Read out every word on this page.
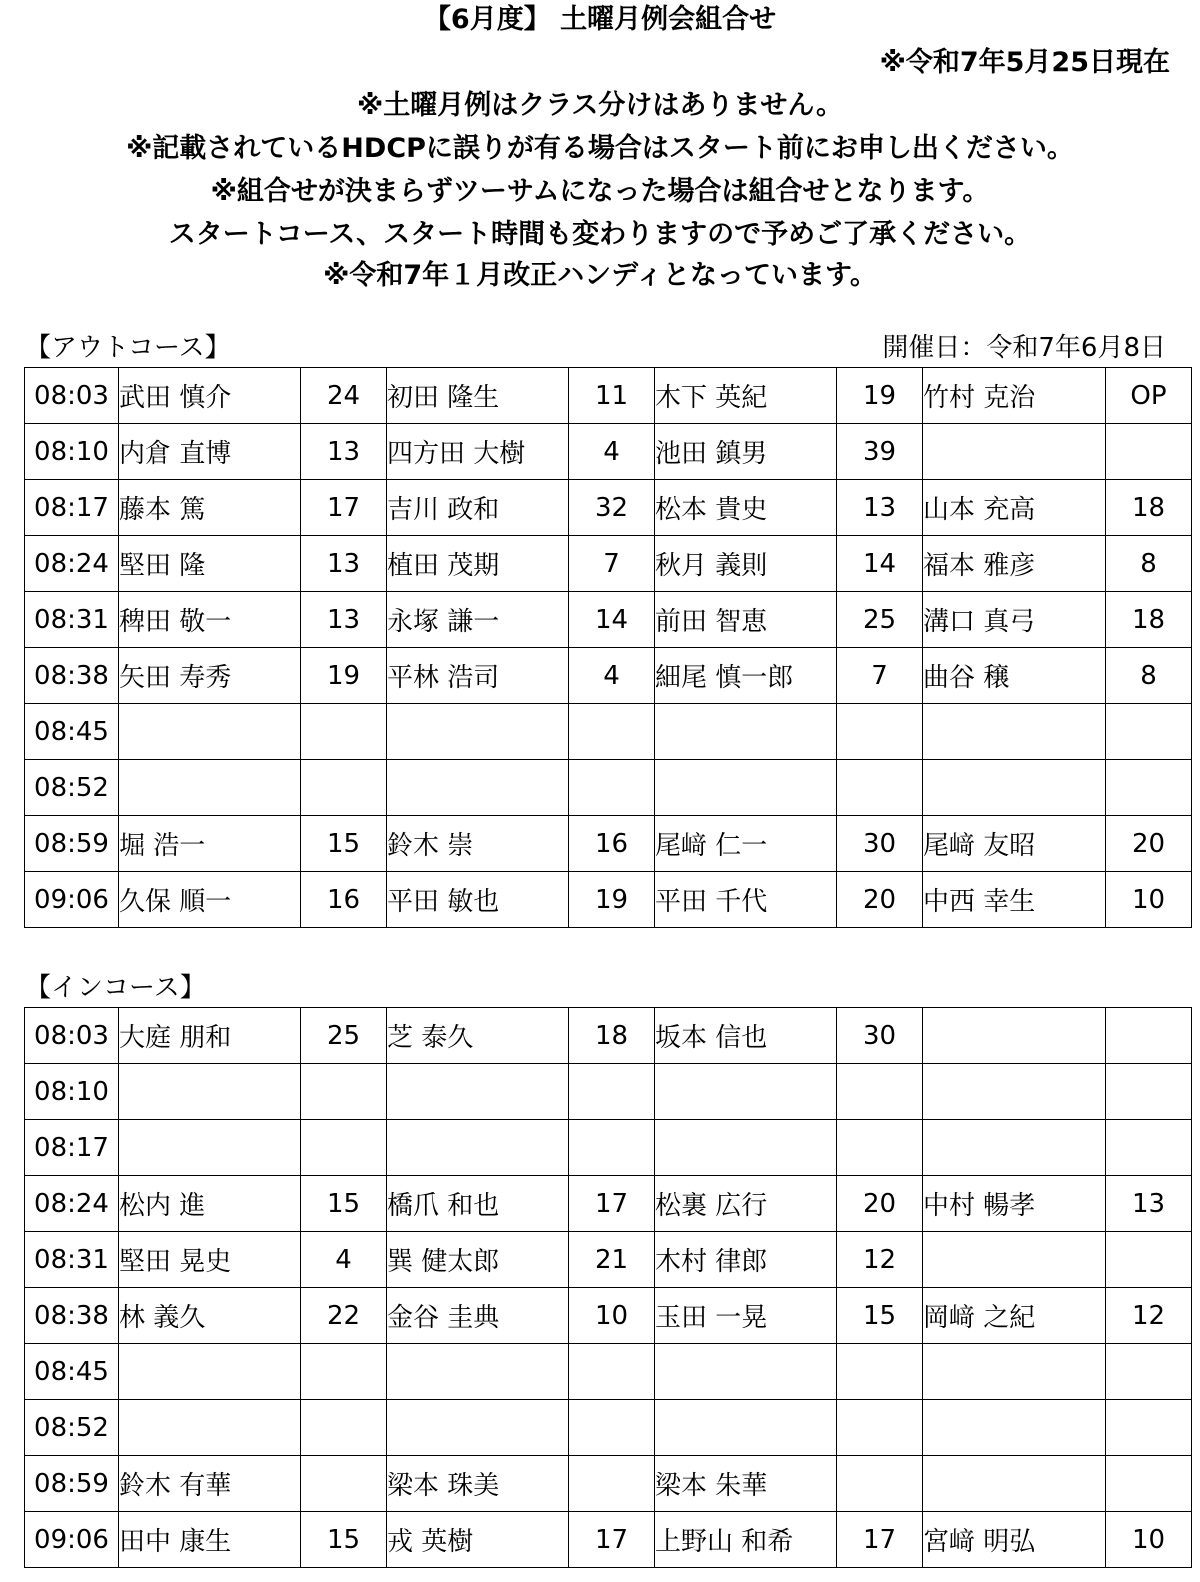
【6月度】 土曜月例会組合せ
※令和7年5月25日現在
※土曜月例はクラス分けはありません。
※記載されているHDCPに誤りが有る場合はスタート前にお申し出ください。
※組合せが決まらずツーサムになった場合は組合せとなります。
スタートコース、スタート時間も変わりますので予めご了承ください。
※令和7年１月改正ハンディとなっています。
【アウトコース】	開催日：令和7年6月8日
08:03	武田 慎介	24	初田 隆生	11	木下 英紀	19	竹村 克治	OP
08:10	内倉 直博	13	四方田 大樹	4	池田 鎮男	39		
08:17	藤本 篤	17	吉川 政和	32	松本 貴史	13	山本 充高	18
08:24	堅田 隆	13	植田 茂期	7	秋月 義則	14	福本 雅彦	8
08:31	稗田 敬一	13	永塚 謙一	14	前田 智恵	25	溝口 真弓	18
08:38	矢田 寿秀	19	平林 浩司	4	細尾 慎一郎	7	曲谷 穣	8
08:45								
08:52								
08:59	堀 浩一	15	鈴木 崇	16	尾﨑 仁一	30	尾﨑 友昭	20
09:06	久保 順一	16	平田 敏也	19	平田 千代	20	中西 幸生	10
【インコース】
08:03	大庭 朋和	25	芝 泰久	18	坂本 信也	30		
08:10								
08:17								
08:24	松内 進	15	橋爪 和也	17	松裏 広行	20	中村 暢孝	13
08:31	堅田 晃史	4	巽 健太郎	21	木村 律郎	12		
08:38	林 義久	22	金谷 圭典	10	玉田 一晃	15	岡﨑 之紀	12
08:45								
08:52								
08:59	鈴木 有華		梁本 珠美		梁本 朱華			
09:06	田中 康生	15	戎 英樹	17	上野山 和希	17	宮﨑 明弘	10
